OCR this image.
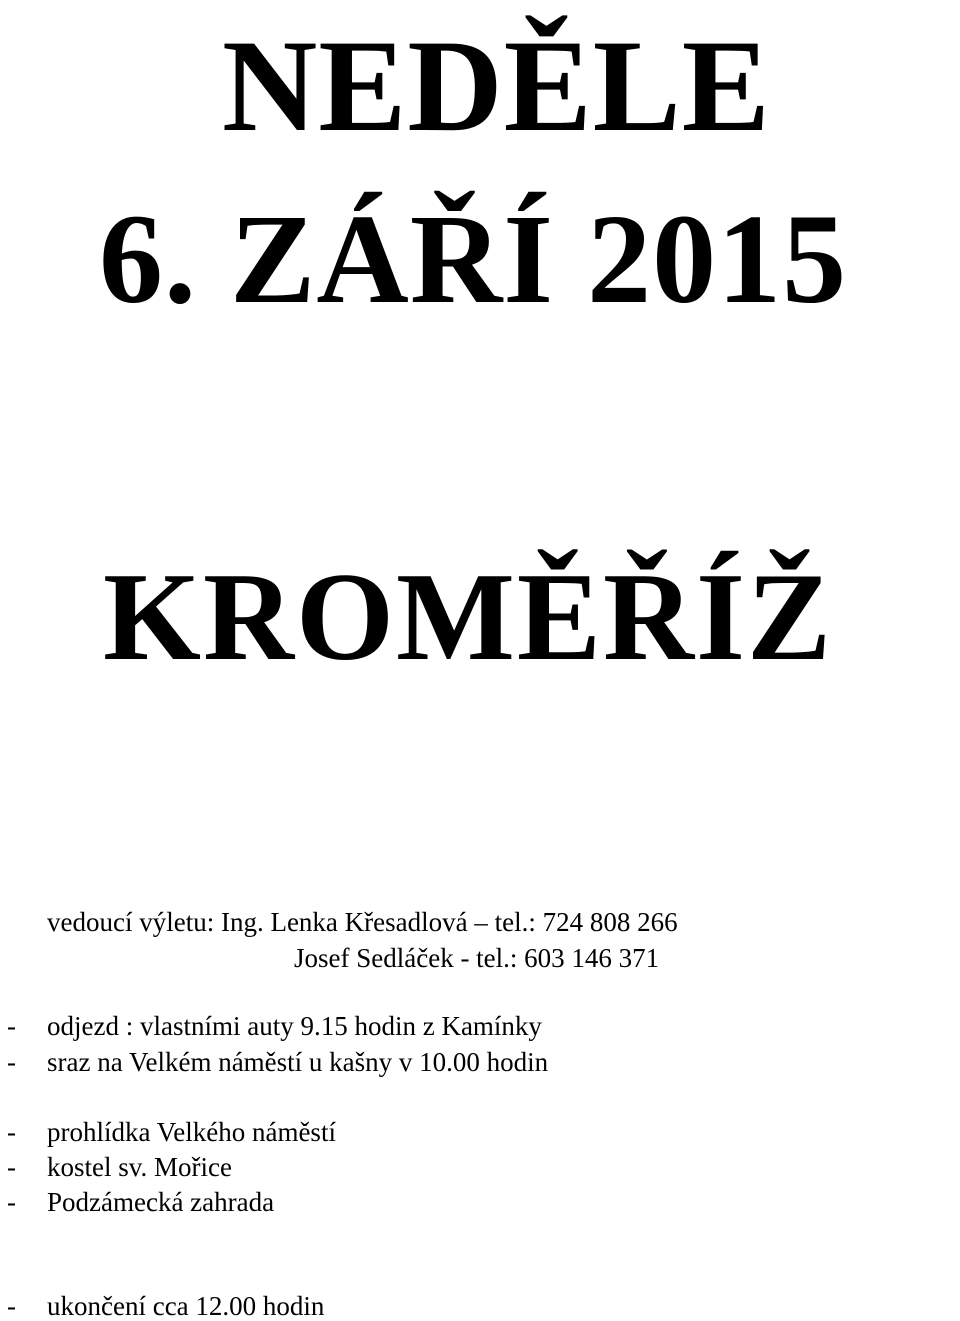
NEDĚLE
6. ZÁŘÍ 2015
KROMĚŘÍŽ
vedoucí výletu: Ing. Lenka Křesadlová – tel.: 724 808 266
Josef Sedláček - tel.: 603 146 371
- odjezd : vlastními auty 9.15 hodin z Kamínky
- sraz na Velkém náměstí u kašny v 10.00 hodin
- prohlídka Velkého náměstí
- kostel sv. Mořice
- Podzámecká zahrada
- ukončení cca 12.00 hodin
